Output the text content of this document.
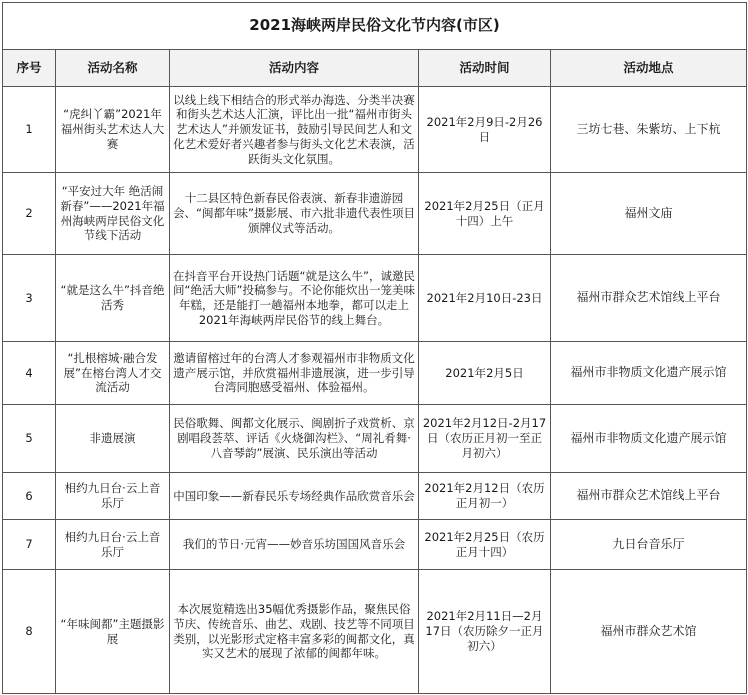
2021海峡两岸民俗文化节内容(市区)				
序号	活动名称	活动内容	活动时间	活动地点
1	“虎纠丫霸”2021年福州街头艺术达人大赛	以线上线下相结合的形式举办海选、分类半决赛和街头艺术达人汇演，评比出一批“福州市街头艺术达人”并颁发证书，鼓励引导民间艺人和文化艺术爱好者兴趣者参与街头文化艺术表演，活跃街头文化氛围。	2021年2月9日-2月26日	三坊七巷、朱紫坊、上下杭
2	“平安过大年 绝活闹新春”——2021年福州海峡两岸民俗文化节线下活动	十二县区特色新春民俗表演、新春非遗游园会、“闽都年味”摄影展、市六批非遗代表性项目颁牌仪式等活动。	2021年2月25日（正月十四）上午	福州文庙
3	“就是这么牛”抖音绝活秀	在抖音平台开设热门话题“就是这么牛”，诚邀民间“绝活大师”投稿参与。不论你能炊出一笼美味年糕，还是能打一趟福州本地拳，都可以走上2021年海峡两岸民俗节的线上舞台。	2021年2月10日-23日	福州市群众艺术馆线上平台
4	“扎根榕城·融合发展”在榕台湾人才交流活动	邀请留榕过年的台湾人才参观福州市非物质文化遗产展示馆，并欣赏福州非遗展演，进一步引导台湾同胞感受福州、体验福州。	2021年2月5日	福州市非物质文化遗产展示馆
5	非遗展演	民俗歌舞、闽都文化展示、闽剧折子戏赏析、京剧唱段荟萃、评话《火烧御沟栏》、“周礼肴舞·八音琴韵”展演、民乐演出等活动	2021年2月12日-2月17日（农历正月初一至正月初六）	福州市非物质文化遗产展示馆
6	相约九日台·云上音乐厅	中国印象——新春民乐专场经典作品欣赏音乐会	2021年2月12日（农历正月初一）	福州市群众艺术馆线上平台
7	相约九日台·云上音乐厅	我们的节日·元宵——妙音乐坊国国风音乐会	2021年2月25日（农历正月十四）	九日台音乐厅
8	“年味闽都”主题摄影展	本次展览精选出35幅优秀摄影作品，聚焦民俗节庆、传统音乐、曲艺、戏剧、技艺等不同项目类别，以光影形式定格丰富多彩的闽都文化，真实又艺术的展现了浓郁的闽都年味。	2021年2月11日—2月17日（农历除夕一正月初六）	福州市群众艺术馆
